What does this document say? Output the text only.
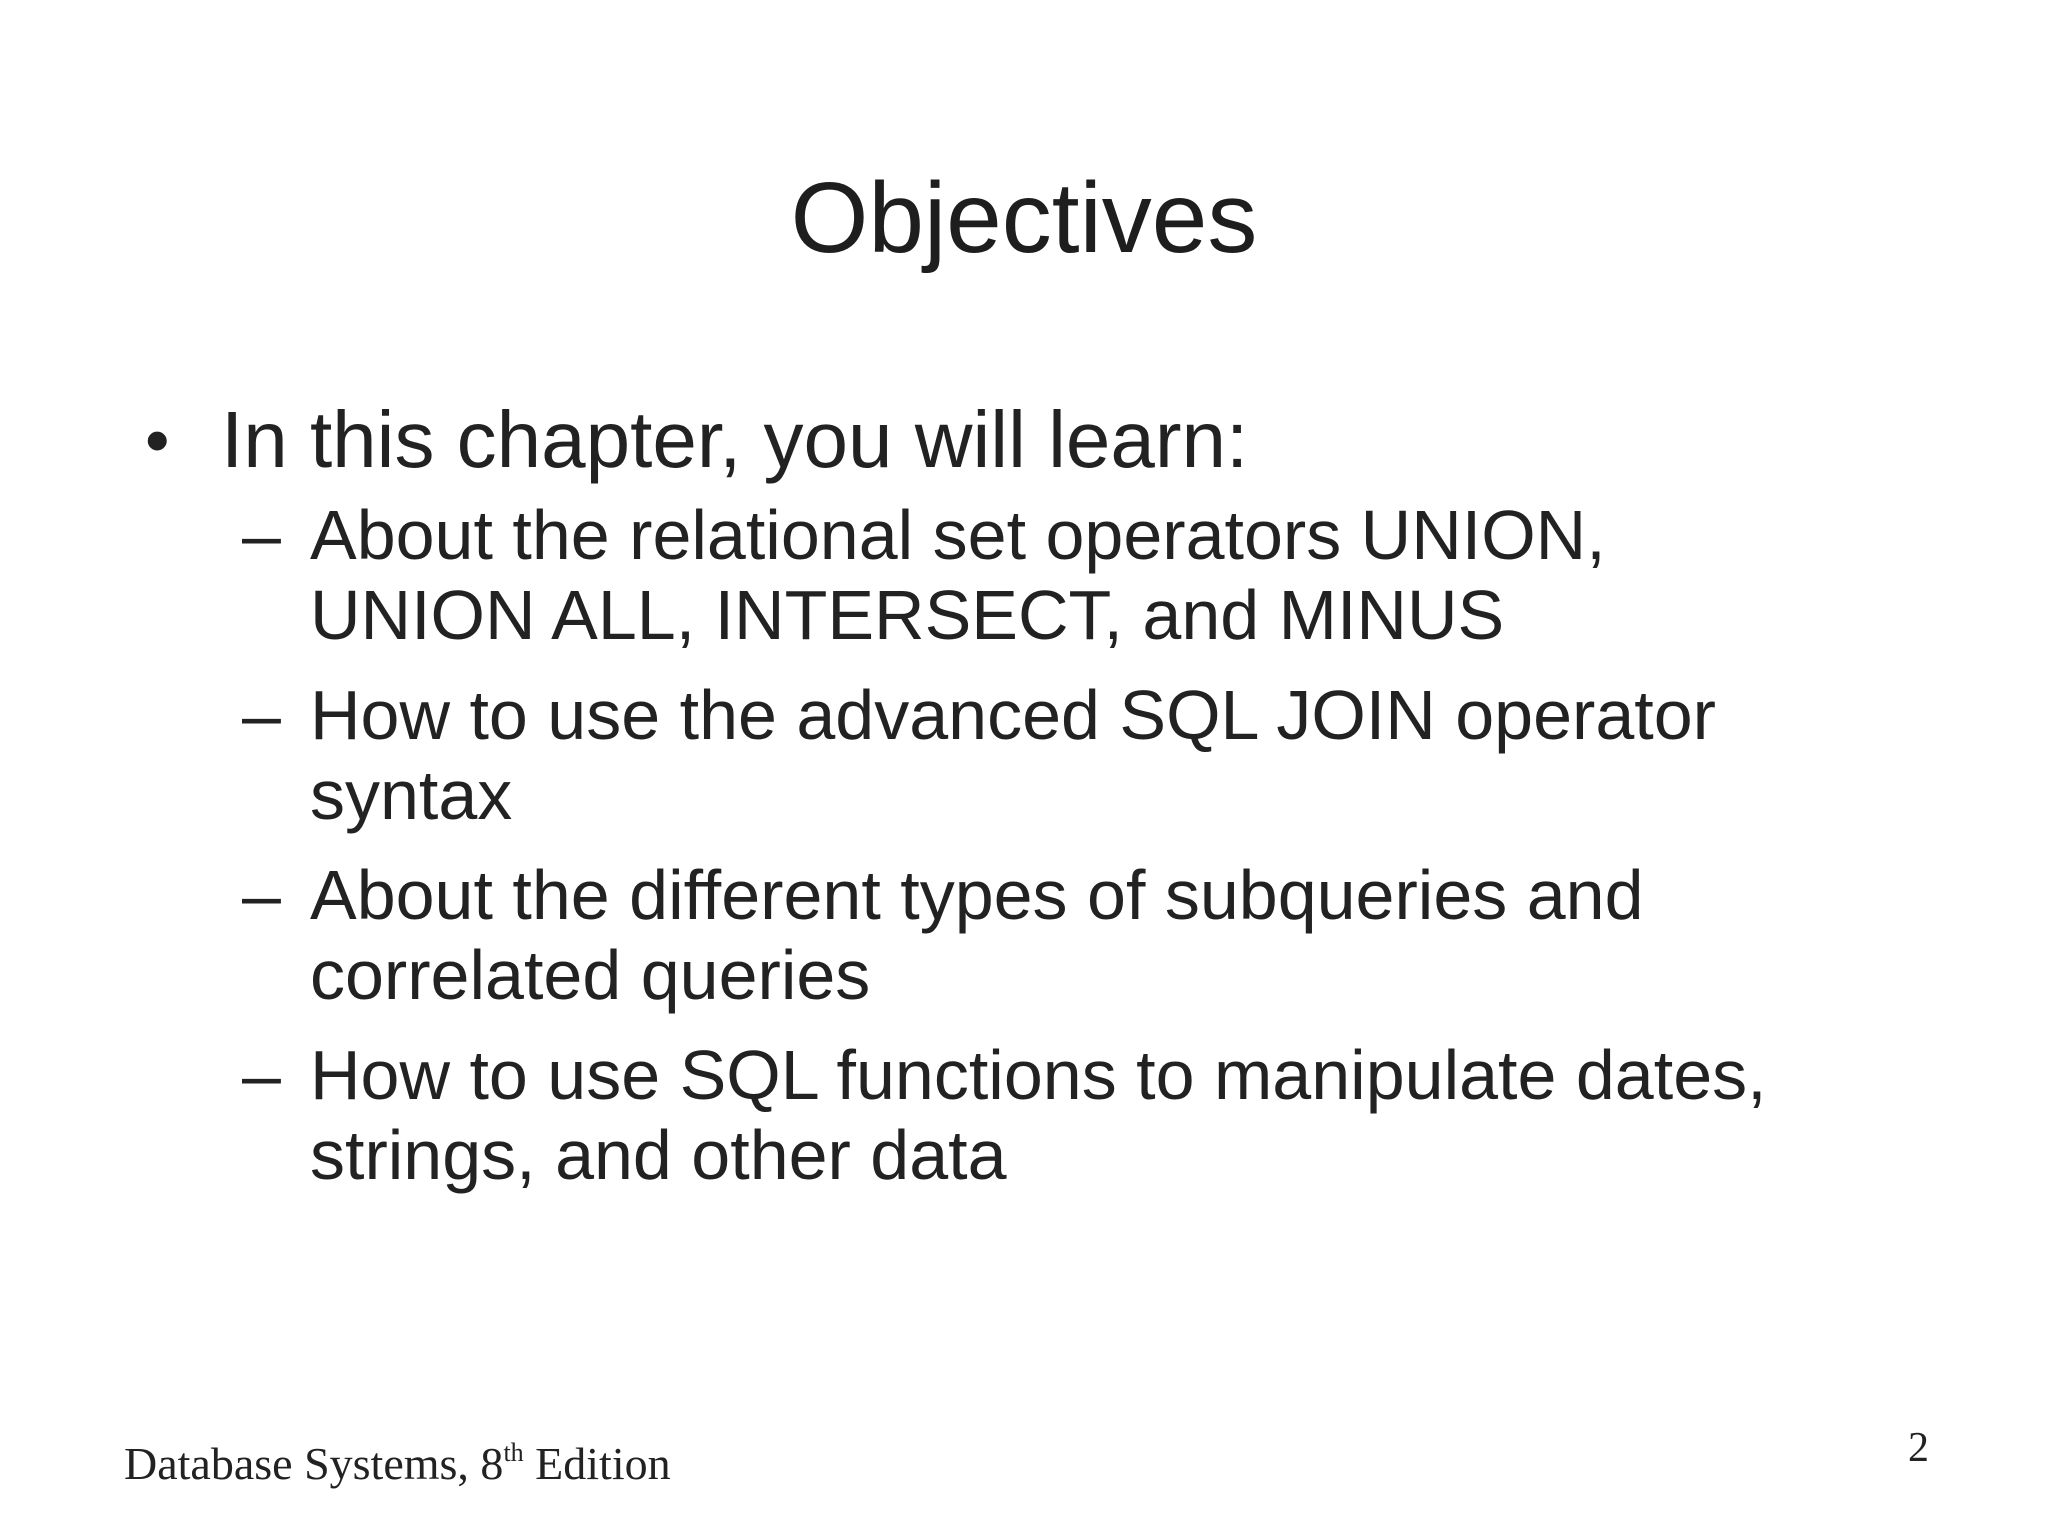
Objectives
• In this chapter, you will learn:
– About the relational set operators UNION,
UNION ALL, INTERSECT, and MINUS
– How to use the advanced SQL JOIN operator
syntax
– About the different types of subqueries and
correlated queries
– How to use SQL functions to manipulate dates,
strings, and other data
Database Systems, 8th Edition	2
